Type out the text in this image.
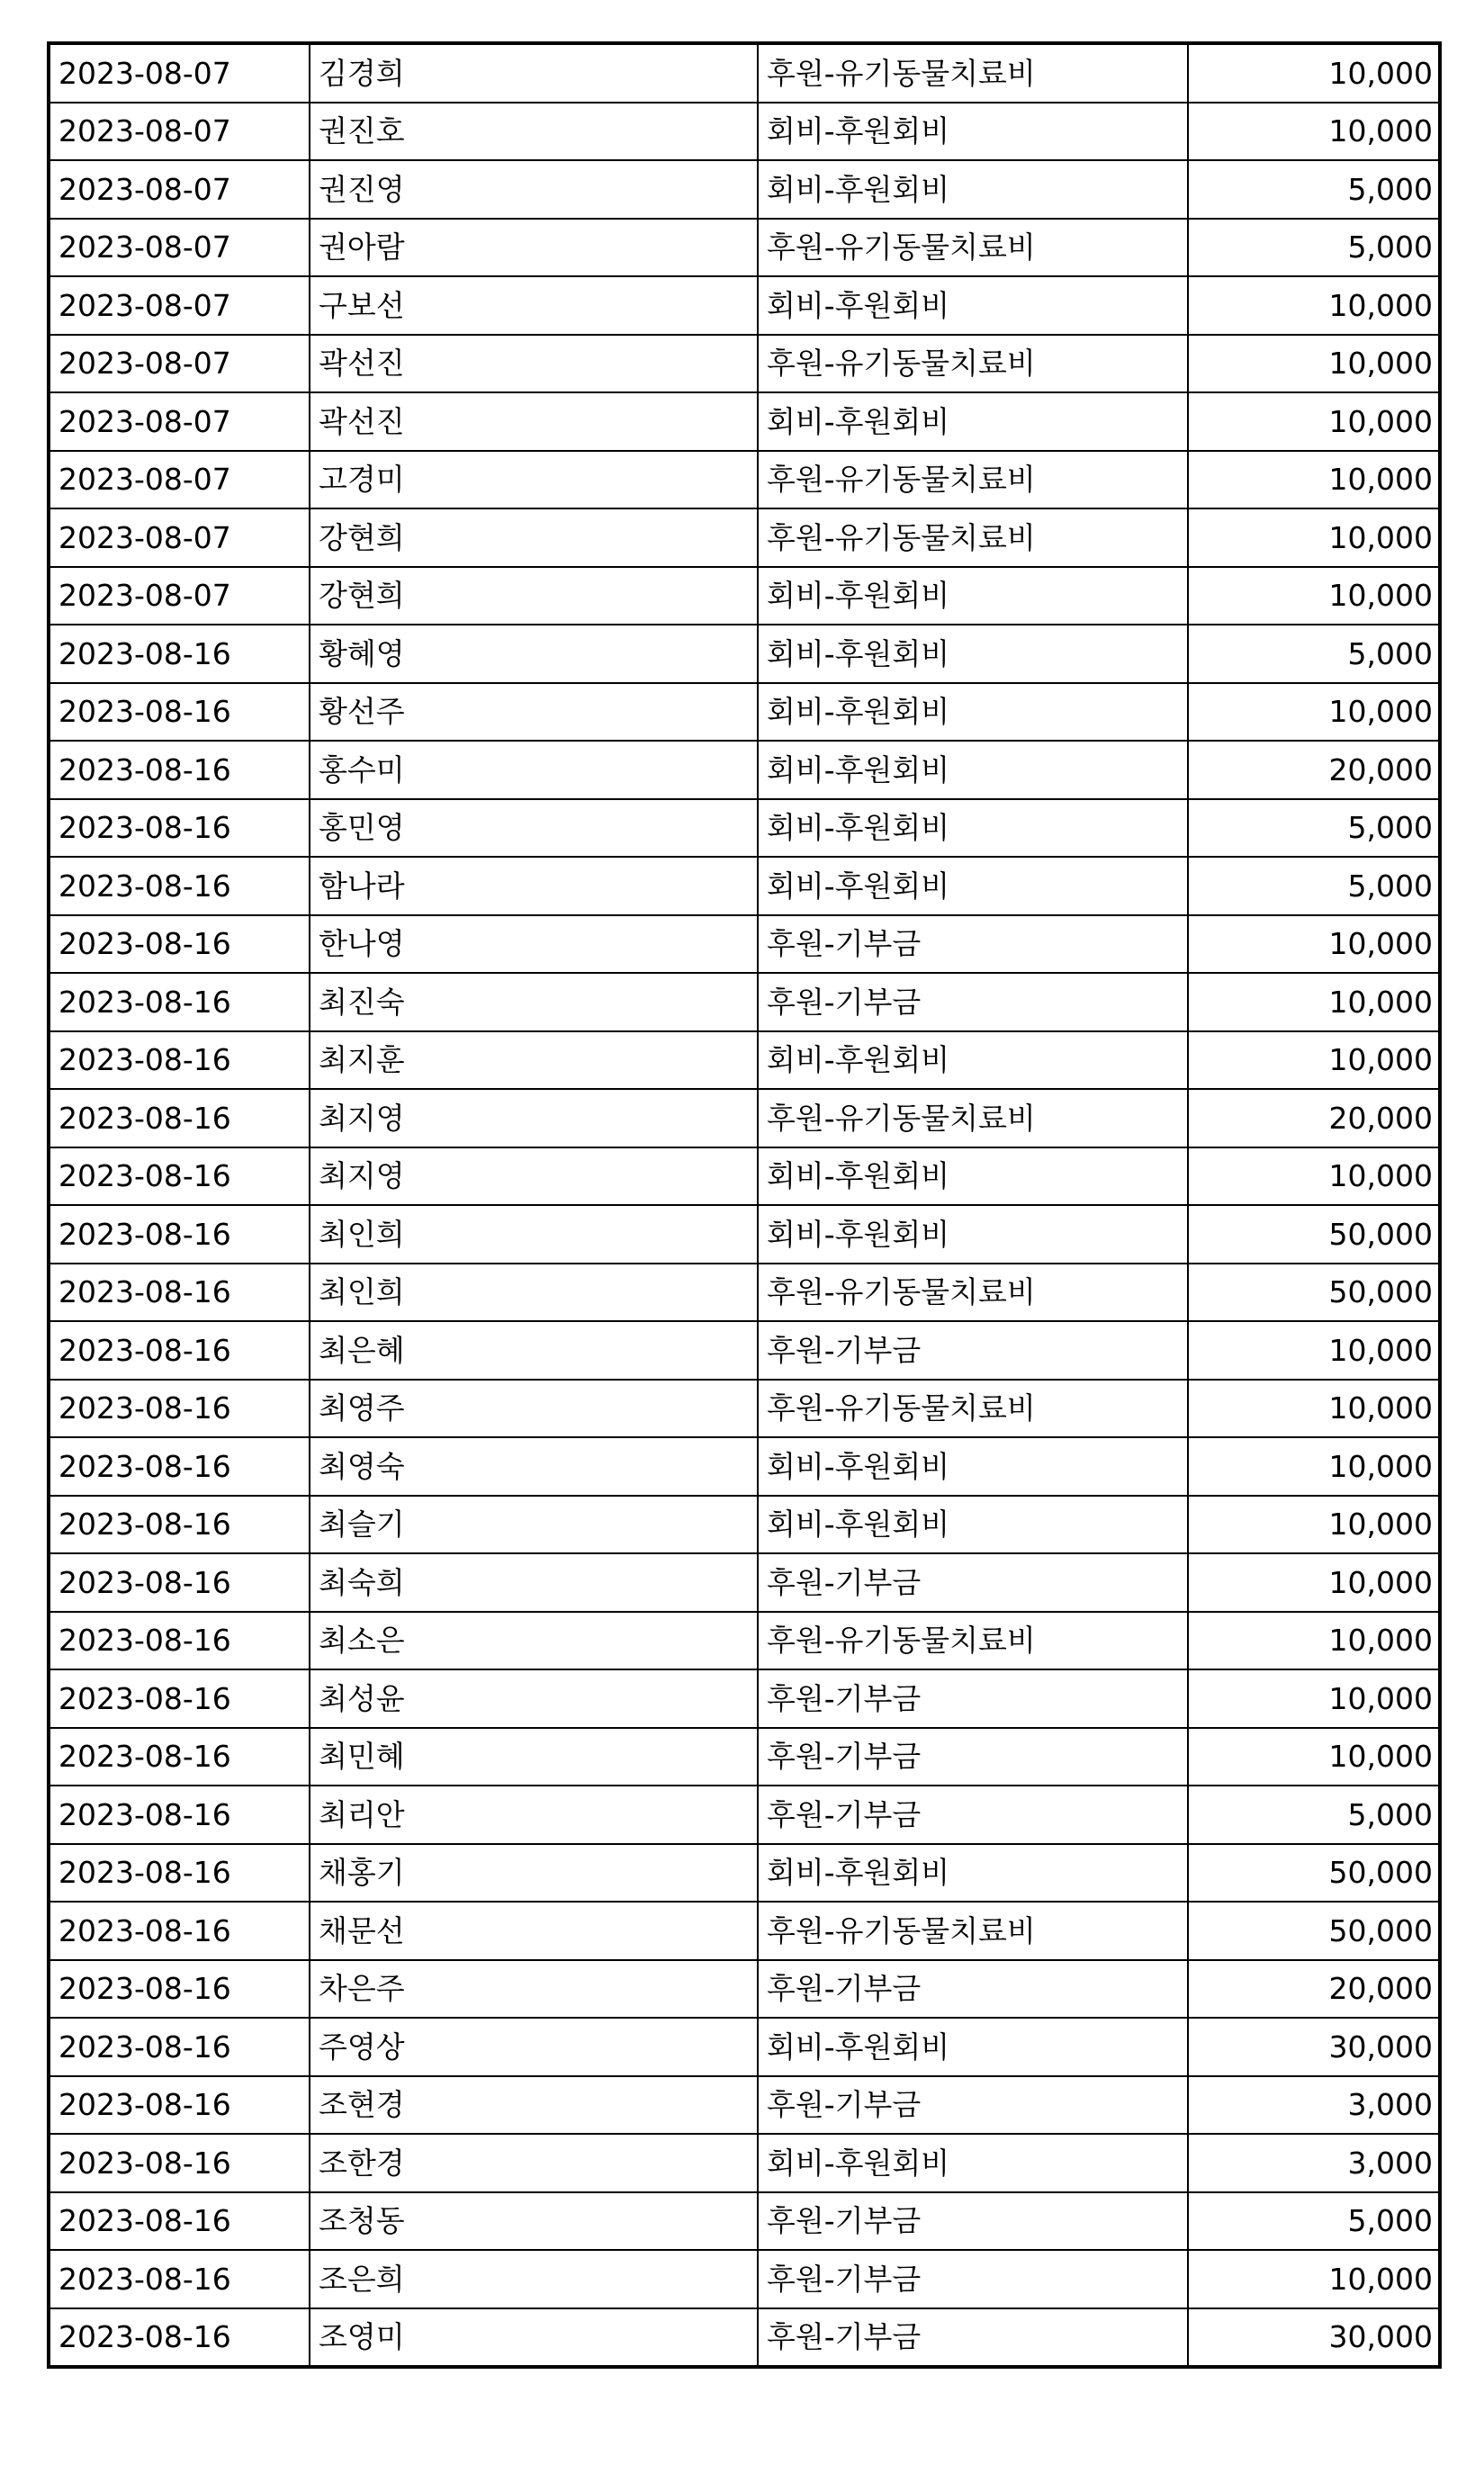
2023-08-07	김경희	후원-유기동물치료비	10,000
2023-08-07	권진호	회비-후원회비	10,000
2023-08-07	권진영	회비-후원회비	5,000
2023-08-07	권아람	후원-유기동물치료비	5,000
2023-08-07	구보선	회비-후원회비	10,000
2023-08-07	곽선진	후원-유기동물치료비	10,000
2023-08-07	곽선진	회비-후원회비	10,000
2023-08-07	고경미	후원-유기동물치료비	10,000
2023-08-07	강현희	후원-유기동물치료비	10,000
2023-08-07	강현희	회비-후원회비	10,000
2023-08-16	황혜영	회비-후원회비	5,000
2023-08-16	황선주	회비-후원회비	10,000
2023-08-16	홍수미	회비-후원회비	20,000
2023-08-16	홍민영	회비-후원회비	5,000
2023-08-16	함나라	회비-후원회비	5,000
2023-08-16	한나영	후원-기부금	10,000
2023-08-16	최진숙	후원-기부금	10,000
2023-08-16	최지훈	회비-후원회비	10,000
2023-08-16	최지영	후원-유기동물치료비	20,000
2023-08-16	최지영	회비-후원회비	10,000
2023-08-16	최인희	회비-후원회비	50,000
2023-08-16	최인희	후원-유기동물치료비	50,000
2023-08-16	최은혜	후원-기부금	10,000
2023-08-16	최영주	후원-유기동물치료비	10,000
2023-08-16	최영숙	회비-후원회비	10,000
2023-08-16	최슬기	회비-후원회비	10,000
2023-08-16	최숙희	후원-기부금	10,000
2023-08-16	최소은	후원-유기동물치료비	10,000
2023-08-16	최성윤	후원-기부금	10,000
2023-08-16	최민혜	후원-기부금	10,000
2023-08-16	최리안	후원-기부금	5,000
2023-08-16	채홍기	회비-후원회비	50,000
2023-08-16	채문선	후원-유기동물치료비	50,000
2023-08-16	차은주	후원-기부금	20,000
2023-08-16	주영상	회비-후원회비	30,000
2023-08-16	조현경	후원-기부금	3,000
2023-08-16	조한경	회비-후원회비	3,000
2023-08-16	조청동	후원-기부금	5,000
2023-08-16	조은희	후원-기부금	10,000
2023-08-16	조영미	후원-기부금	30,000
